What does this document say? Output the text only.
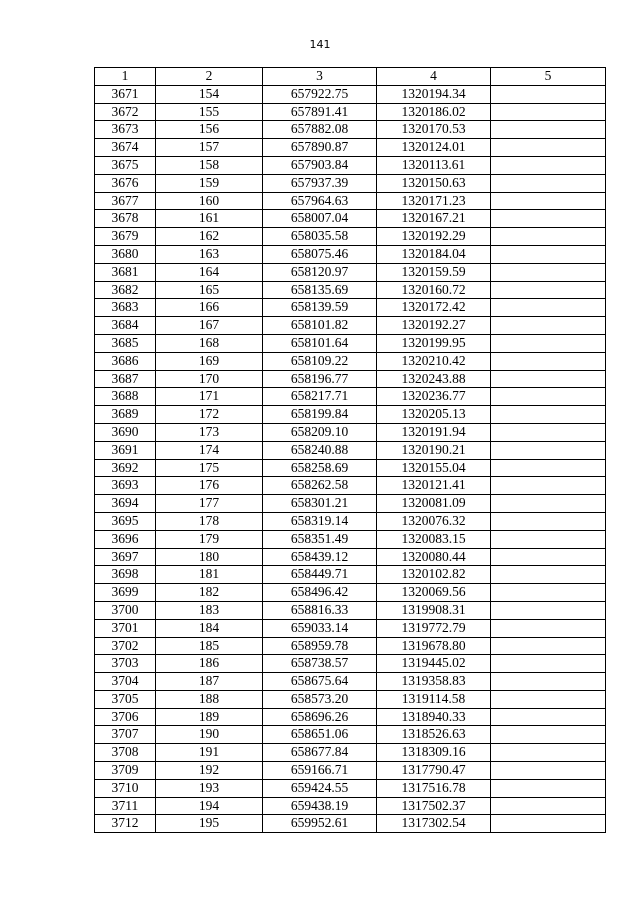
141
1	2	3	4	5
3671	154	657922.75	1320194.34	
3672	155	657891.41	1320186.02	
3673	156	657882.08	1320170.53	
3674	157	657890.87	1320124.01	
3675	158	657903.84	1320113.61	
3676	159	657937.39	1320150.63	
3677	160	657964.63	1320171.23	
3678	161	658007.04	1320167.21	
3679	162	658035.58	1320192.29	
3680	163	658075.46	1320184.04	
3681	164	658120.97	1320159.59	
3682	165	658135.69	1320160.72	
3683	166	658139.59	1320172.42	
3684	167	658101.82	1320192.27	
3685	168	658101.64	1320199.95	
3686	169	658109.22	1320210.42	
3687	170	658196.77	1320243.88	
3688	171	658217.71	1320236.77	
3689	172	658199.84	1320205.13	
3690	173	658209.10	1320191.94	
3691	174	658240.88	1320190.21	
3692	175	658258.69	1320155.04	
3693	176	658262.58	1320121.41	
3694	177	658301.21	1320081.09	
3695	178	658319.14	1320076.32	
3696	179	658351.49	1320083.15	
3697	180	658439.12	1320080.44	
3698	181	658449.71	1320102.82	
3699	182	658496.42	1320069.56	
3700	183	658816.33	1319908.31	
3701	184	659033.14	1319772.79	
3702	185	658959.78	1319678.80	
3703	186	658738.57	1319445.02	
3704	187	658675.64	1319358.83	
3705	188	658573.20	1319114.58	
3706	189	658696.26	1318940.33	
3707	190	658651.06	1318526.63	
3708	191	658677.84	1318309.16	
3709	192	659166.71	1317790.47	
3710	193	659424.55	1317516.78	
3711	194	659438.19	1317502.37	
3712	195	659952.61	1317302.54	
